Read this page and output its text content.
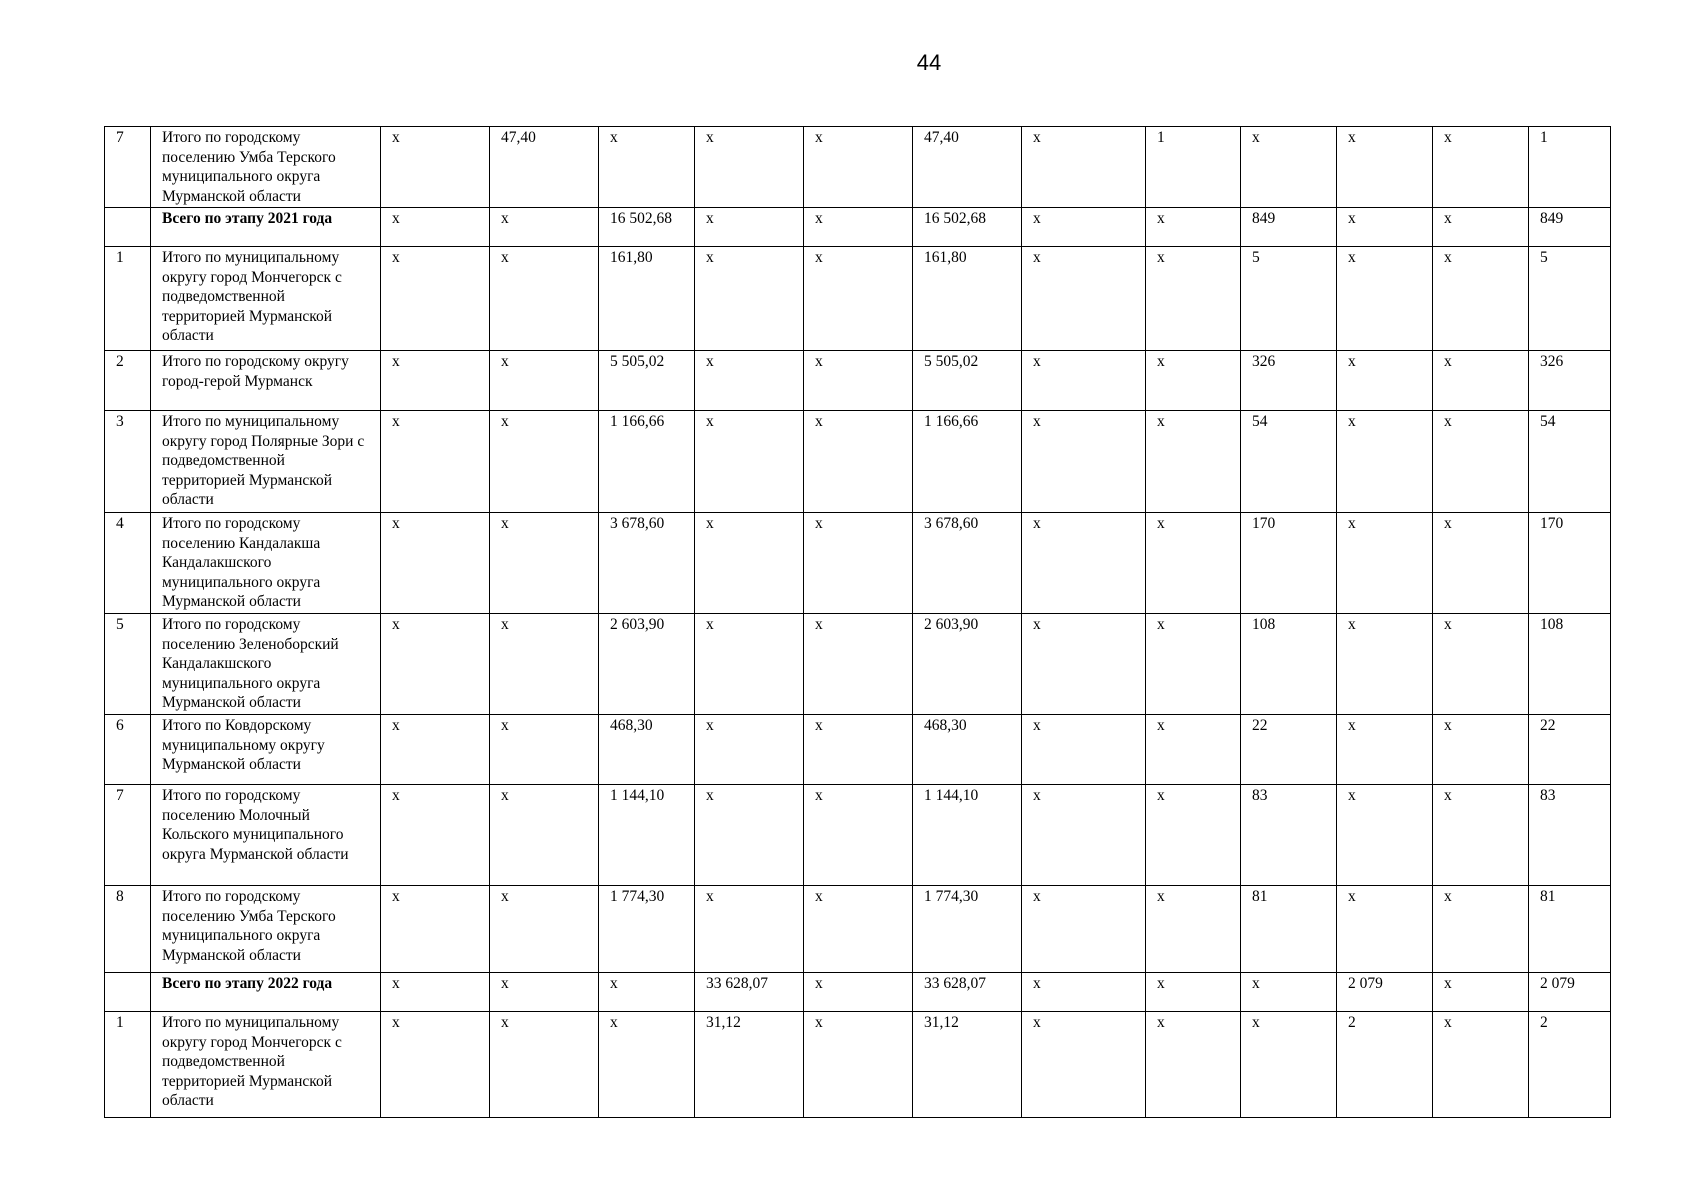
44
7	Итого по городскому поселению Умба Терского муниципального округа Мурманской области	х	47,40	х	х	х	47,40	х	1	х	х	х	1
	Всего по этапу 2021 года	х	х	16 502,68	х	х	16 502,68	х	х	849	х	х	849
1	Итого по муниципальному округу город Мончегорск с подведомственной территорией Мурманской области	х	х	161,80	х	х	161,80	х	х	5	х	х	5
2	Итого по городскому округу город-герой Мурманск	х	х	5 505,02	х	х	5 505,02	х	х	326	х	х	326
3	Итого по муниципальному округу город Полярные Зори с подведомственной территорией Мурманской области	х	х	1 166,66	х	х	1 166,66	х	х	54	х	х	54
4	Итого по городскому поселению Кандалакша Кандалакшского муниципального округа Мурманской области	х	х	3 678,60	х	х	3 678,60	х	х	170	х	х	170
5	Итого по городскому поселению Зеленоборский Кандалакшского муниципального округа Мурманской области	х	х	2 603,90	х	х	2 603,90	х	х	108	х	х	108
6	Итого по Ковдорскому муниципальному округу Мурманской области	х	х	468,30	х	х	468,30	х	х	22	х	х	22
7	Итого по городскому поселению Молочный Кольского муниципального округа Мурманской области	х	х	1 144,10	х	х	1 144,10	х	х	83	х	х	83
8	Итого по городскому поселению Умба Терского муниципального округа Мурманской области	х	х	1 774,30	х	х	1 774,30	х	х	81	х	х	81
	Всего по этапу 2022 года	х	х	х	33 628,07	х	33 628,07	х	х	х	2 079	х	2 079
1	Итого по муниципальному округу город Мончегорск с подведомственной территорией Мурманской области	х	х	х	31,12	х	31,12	х	х	х	2	х	2
